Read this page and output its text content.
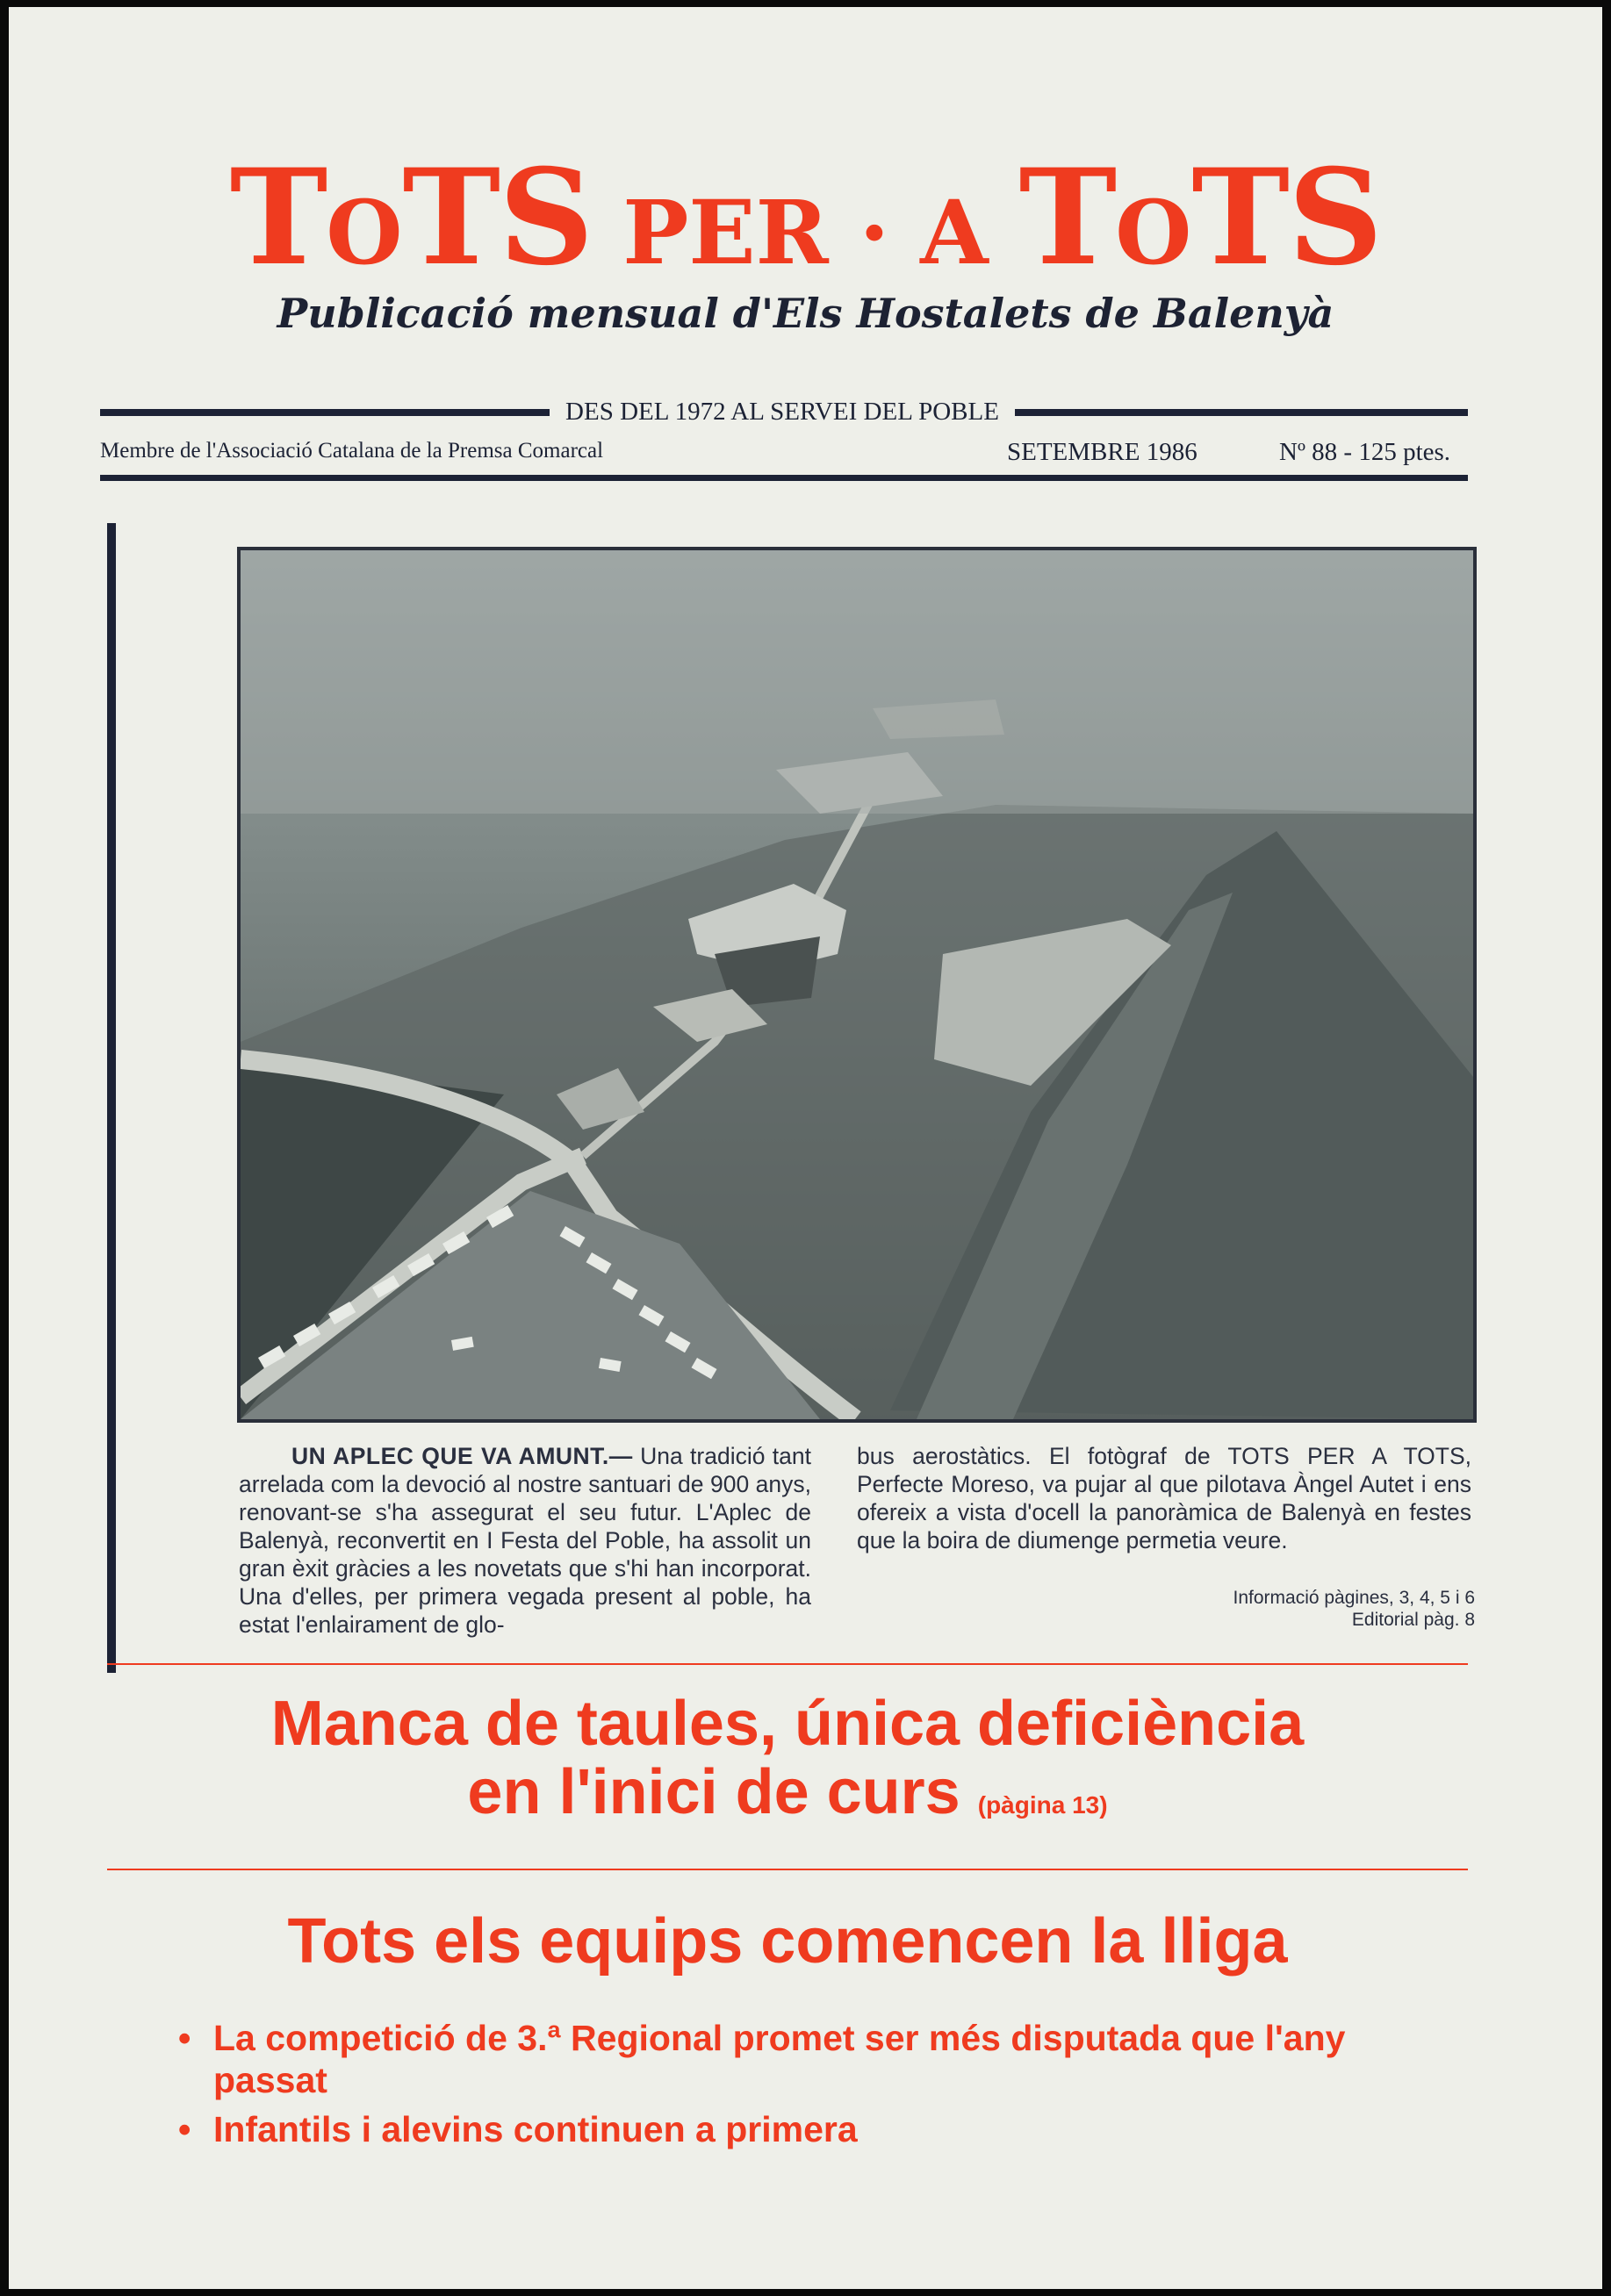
TOTS PER · A TOTS
Publicació mensual d'Els Hostalets de Balenyà
DES DEL 1972 AL SERVEI DEL POBLE
Membre de l'Associació Catalana de la Premsa Comarcal	SETEMBRE 1986	Nº 88 - 125 ptes.
UN APLEC QUE VA AMUNT.— Una tradició tant arrelada com la devoció al nostre santuari de 900 anys, renovant-se s'ha assegurat el seu futur. L'Aplec de Balenyà, reconvertit en I Festa del Poble, ha assolit un gran èxit gràcies a les novetats que s'hi han incorporat. Una d'elles, per primera vegada present al poble, ha estat l'enlairament de glo-
bus aerostàtics. El fotògraf de TOTS PER A TOTS, Perfecte Moreso, va pujar al que pilotava Àngel Autet i ens ofereix a vista d'ocell la panoràmica de Balenyà en festes que la boira de diumenge permetia veure.
Informació pàgines, 3, 4, 5 i 6
Editorial pàg. 8
Manca de taules, única deficiència
en l'inici de curs (pàgina 13)
Tots els equips comencen la lliga
• La competició de 3.ª Regional promet ser més disputada que l'any passat
• Infantils i alevins continuen a primera
